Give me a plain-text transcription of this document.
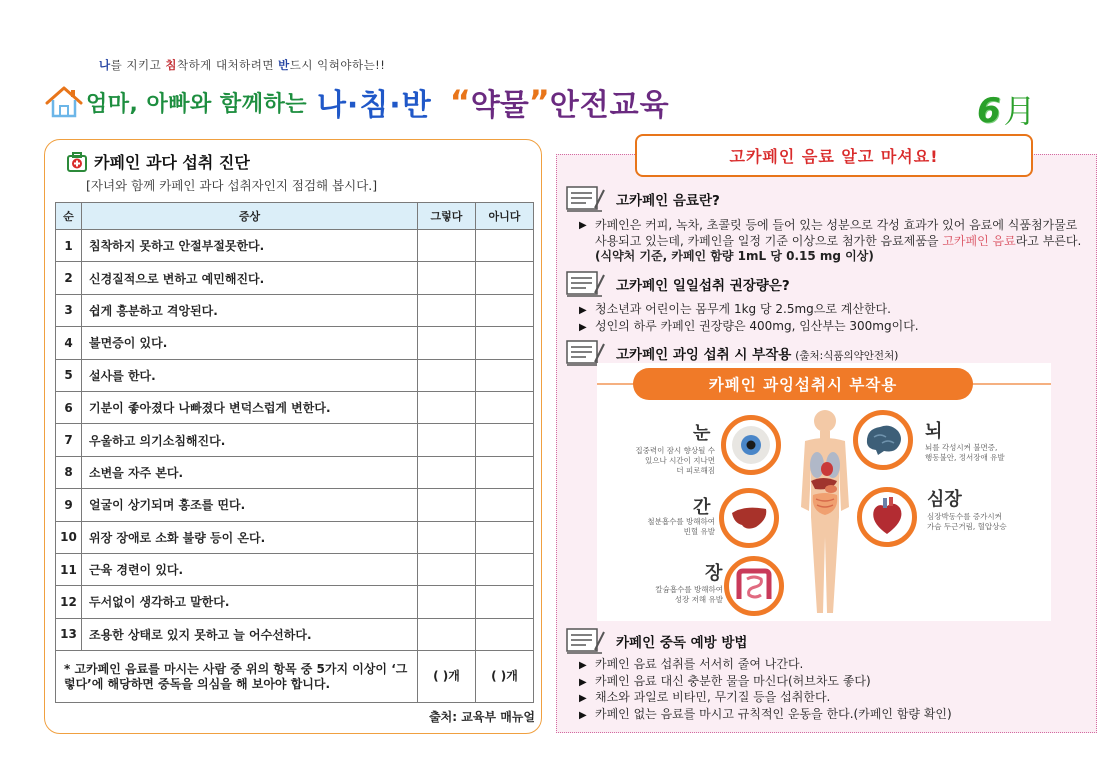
나를 지키고 침착하게 대처하려면 반드시 익혀야하는!!
엄마, 아빠와 함께하는 나·침·반 “ 약물 ” 안전교육	6 月
카페인 과다 섭취 진단
[자녀와 함께 카페인 과다 섭취자인지 점검해 봅시다.]
순	증상	그렇다	아니다
1	침착하지 못하고 안절부절못한다.		
2	신경질적으로 변하고 예민해진다.		
3	쉽게 흥분하고 격앙된다.		
4	불면증이 있다.		
5	설사를 한다.		
6	기분이 좋아졌다 나빠졌다 변덕스럽게 변한다.		
7	우울하고 의기소침해진다.		
8	소변을 자주 본다.		
9	얼굴이 상기되며 홍조를 띤다.		
10	위장 장애로 소화 불량 등이 온다.		
11	근육 경련이 있다.		
12	두서없이 생각하고 말한다.		
13	조용한 상태로 있지 못하고 늘 어수선하다.		
* 고카페인 음료를 마시는 사람 중 위의 항목 중 5가지 이상이 ‘그렇다’에 해당하면 중독을 의심을 해 보아야 합니다.		( )개	( )개
출처: 교육부 매뉴얼
고카페인 음료 알고 마셔요!
고카페인 음료란?
▶ 카페인은 커피, 녹차, 초콜릿 등에 들어 있는 성분으로 각성 효과가 있어 음료에 식품첨가물로 사용되고 있는데, 카페인을 일정 기준 이상으로 첨가한 음료제품을 고카페인 음료라고 부른다.(식약처 기준, 카페인 함량 1mL 당 0.15 mg 이상)
고카페인 일일섭취 권장량은?
▶ 청소년과 어린이는 몸무게 1kg 당 2.5mg으로 계산한다.
▶ 성인의 하루 카페인 권장량은 400mg, 임산부는 300mg이다.
고카페인 과잉 섭취 시 부작용 (출처:식품의약안전처)
카페인 과잉섭취시 부작용
눈
집중력이 잠시 향상될 수
있으나 시간이 지나면
더 피로해짐
뇌
뇌를 각성시켜 불면증,
행동불안, 정서장애 유발
간
철분흡수를 방해하여
빈혈 유발
심장
심장박동수를 증가시켜
가슴 두근거림, 혈압상승
장
칼슘흡수를 방해하여
성장 저해 유발
카페인 중독 예방 방법
▶ 카페인 음료 섭취를 서서히 줄여 나간다.
▶ 카페인 음료 대신 충분한 물을 마신다(허브차도 좋다)
▶ 채소와 과일로 비타민, 무기질 등을 섭취한다.
▶ 카페인 없는 음료를 마시고 규칙적인 운동을 한다.(카페인 함량 확인)
